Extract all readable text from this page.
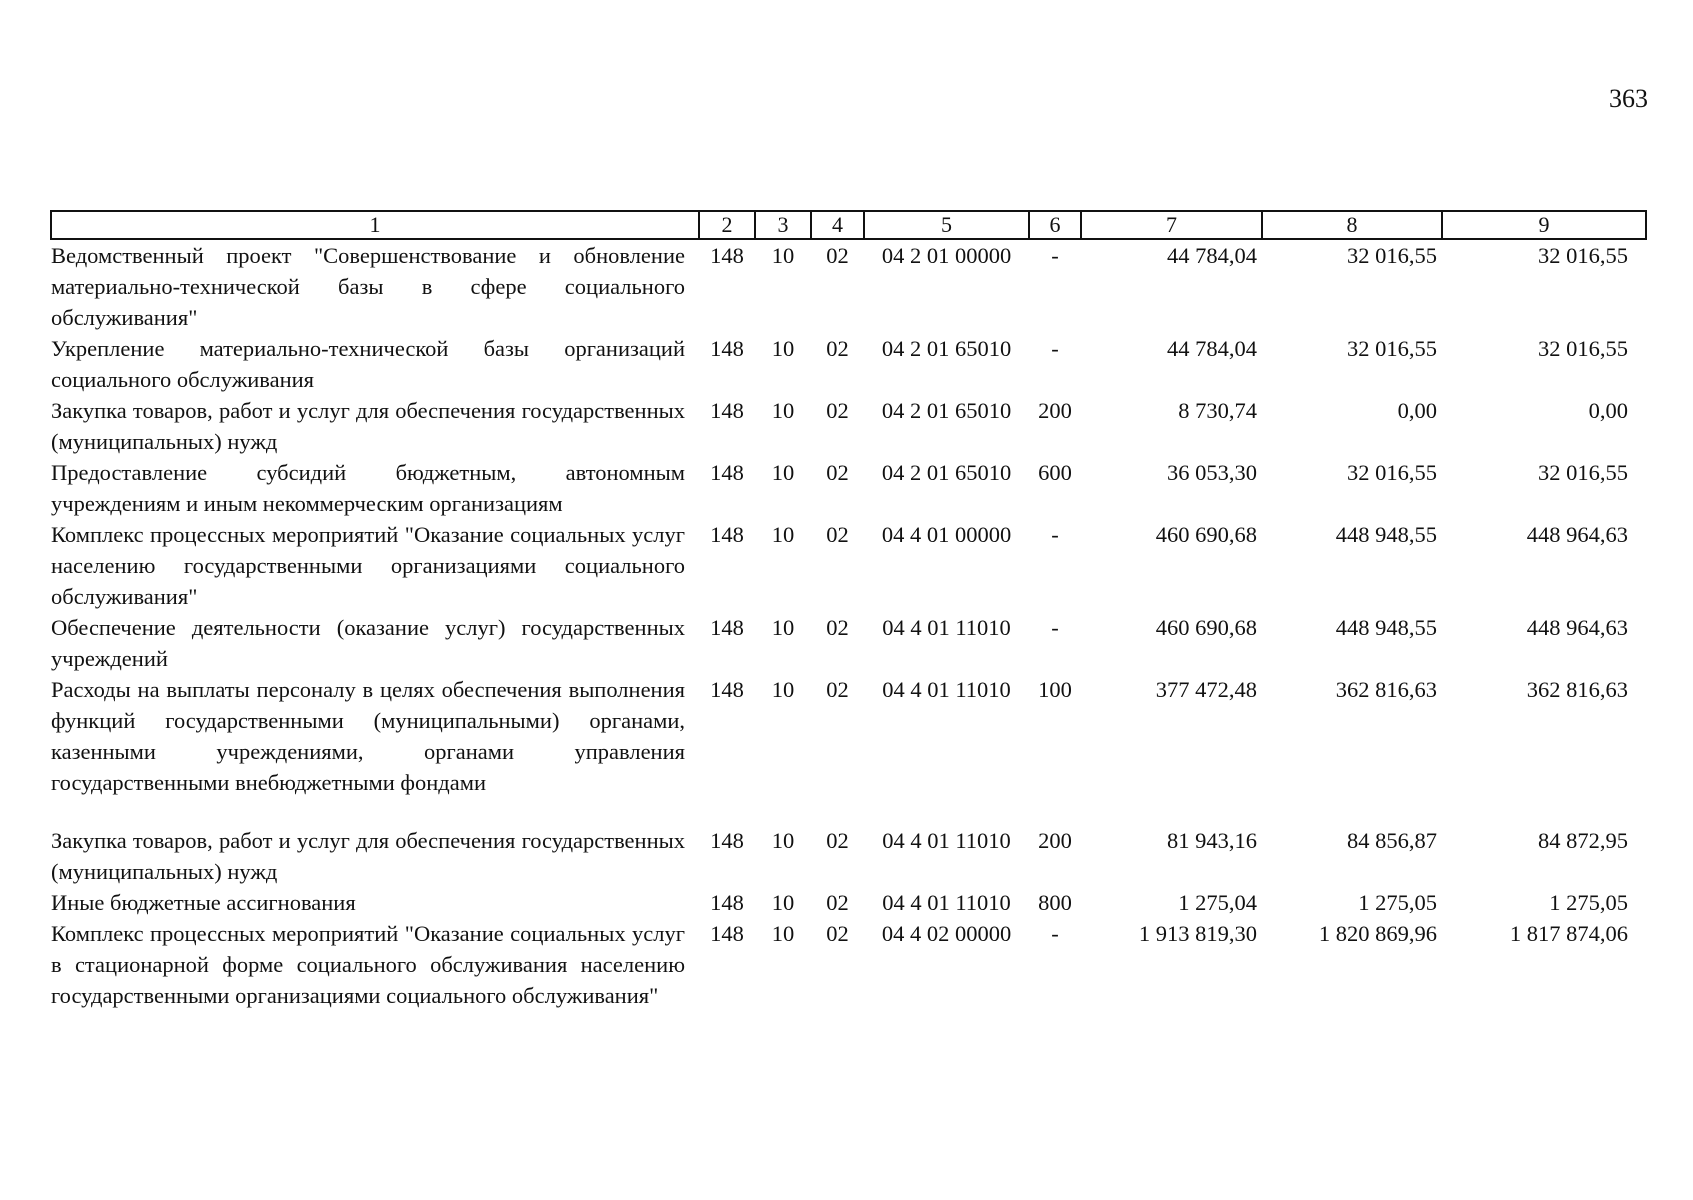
363
1	2	3	4	5	6	7	8	9
Ведомственный проект "Совершенствование и обновление материально-технической базы в сфере социального обслуживания"	148	10	02	04 2 01 00000	-	44 784,04	32 016,55	32 016,55
Укрепление материально-технической базы организаций социального обслуживания	148	10	02	04 2 01 65010	-	44 784,04	32 016,55	32 016,55
Закупка товаров, работ и услуг для обеспечения государственных (муниципальных) нужд	148	10	02	04 2 01 65010	200	8 730,74	0,00	0,00
Предоставление субсидий бюджетным, автономным учреждениям и иным некоммерческим организациям	148	10	02	04 2 01 65010	600	36 053,30	32 016,55	32 016,55
Комплекс процессных мероприятий "Оказание социальных услуг населению государственными организациями социального обслуживания"	148	10	02	04 4 01 00000	-	460 690,68	448 948,55	448 964,63
Обеспечение деятельности (оказание услуг) государственных учреждений	148	10	02	04 4 01 11010	-	460 690,68	448 948,55	448 964,63
Расходы на выплаты персоналу в целях обеспечения выполнения функций государственными (муниципальными) органами, казенными учреждениями, органами управления государственными внебюджетными фондами	148	10	02	04 4 01 11010	100	377 472,48	362 816,63	362 816,63
Закупка товаров, работ и услуг для обеспечения государственных (муниципальных) нужд	148	10	02	04 4 01 11010	200	81 943,16	84 856,87	84 872,95
Иные бюджетные ассигнования	148	10	02	04 4 01 11010	800	1 275,04	1 275,05	1 275,05
Комплекс процессных мероприятий "Оказание социальных услуг в стационарной форме социального обслуживания населению государственными организациями социального обслуживания"	148	10	02	04 4 02 00000	-	1 913 819,30	1 820 869,96	1 817 874,06
